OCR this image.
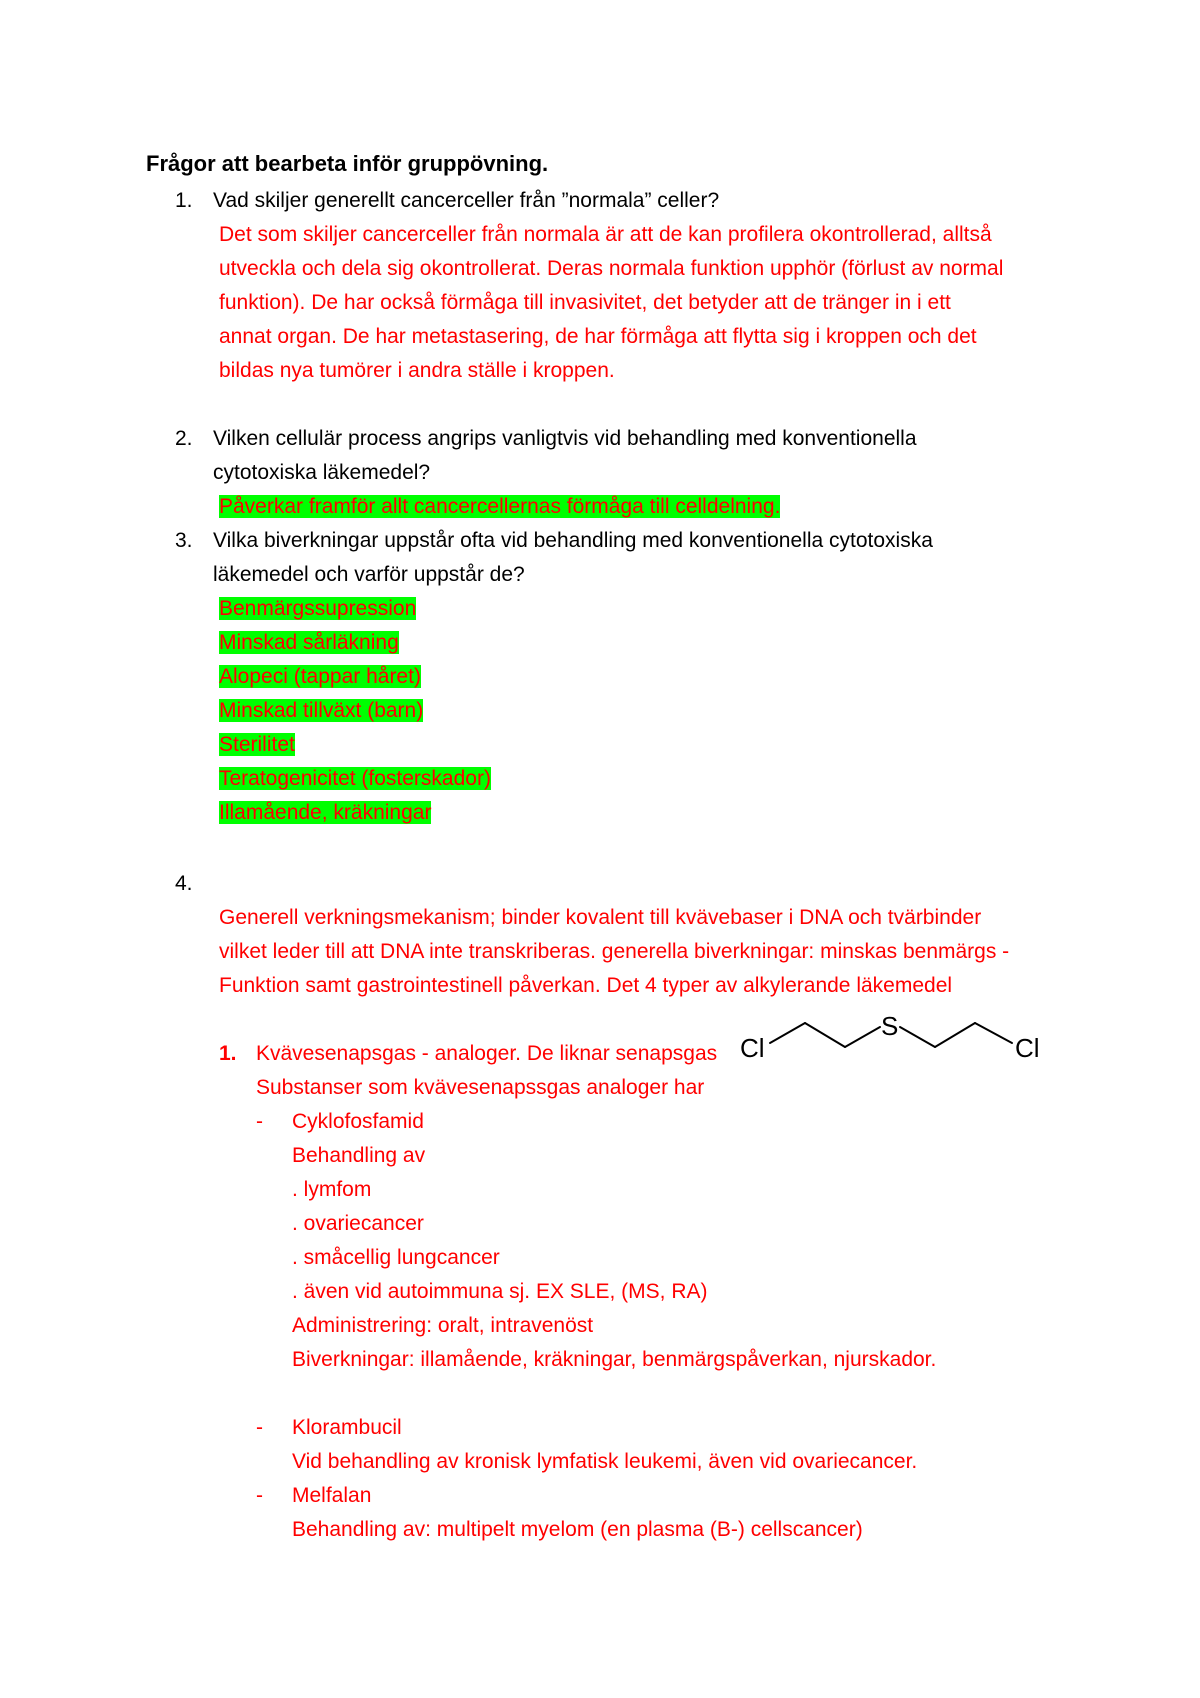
Frågor att bearbeta inför gruppövning.

1. Vad skiljer generellt cancerceller från ”normala” celler?

Det som skiljer cancerceller från normala är att de kan profilera okontrollerad, alltså

utveckla och dela sig okontrollerat. Deras normala funktion upphör (förlust av normal

funktion). De har också förmåga till invasivitet, det betyder att de tränger in i ett

annat organ. De har metastasering, de har förmåga att flytta sig i kroppen och det

bildas nya tumörer i andra ställe i kroppen.

2. Vilken cellulär process angrips vanligtvis vid behandling med konventionella

cytotoxiska läkemedel?

Påverkar framför allt cancercellernas förmåga till celldelning.

3. Vilka biverkningar uppstår ofta vid behandling med konventionella cytotoxiska

läkemedel och varför uppstår de?

Benmärgssupression

Minskad sårläkning

Alopeci (tappar håret)

Minskad tillväxt (barn)

Sterilitet

Teratogenicitet (fosterskador)

Illamående, kräkningar

4.

Generell verkningsmekanism; binder kovalent till kvävebaser i DNA och tvärbinder

vilket leder till att DNA inte transkriberas. generella biverkningar: minskas benmärgs -

Funktion samt gastrointestinell påverkan. Det 4 typer av alkylerande läkemedel

1. Kvävesenapsgas - analoger. De liknar senapsgas

Substanser som kvävesenapssgas analoger har

Cl
S
Cl
- Cyklofosfamid

Behandling av

. lymfom

. ovariecancer

. småcellig lungcancer

. även vid autoimmuna sj. EX SLE, (MS, RA)

Administrering: oralt, intravenöst

Biverkningar: illamående, kräkningar, benmärgspåverkan, njurskador.

- Klorambucil

Vid behandling av kronisk lymfatisk leukemi, även vid ovariecancer.

- Melfalan

Behandling av: multipelt myelom (en plasma (B-) cellscancer)
